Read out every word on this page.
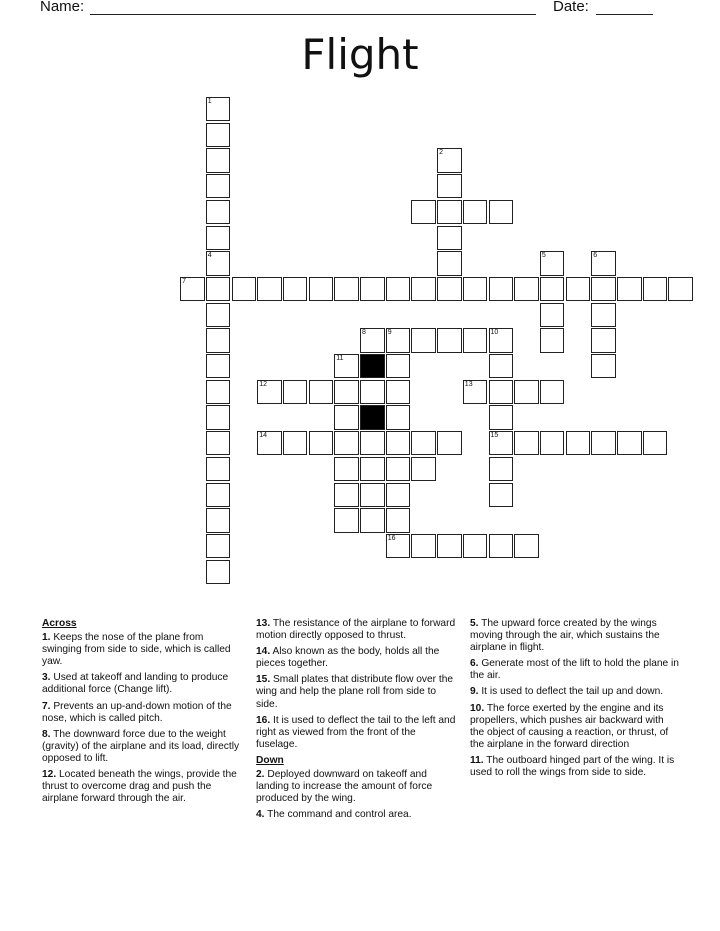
Name:	Date:
Flight
1
4
2
7
5	6
8	9	10
11
16
15
12	13
14
Across
1. Keeps the nose of the plane from swinging from side to side, which is called yaw.
3. Used at takeoff and landing to produce additional force (Change lift).
7. Prevents an up-and-down motion of the nose, which is called pitch.
8. The downward force due to the weight (gravity) of the airplane and its load, directly opposed to lift.
12. Located beneath the wings, provide the thrust to overcome drag and push the airplane forward through the air.
13. The resistance of the airplane to forward motion directly opposed to thrust.
14. Also known as the body, holds all the pieces together.
15. Small plates that distribute flow over the wing and help the plane roll from side to side.
16. It is used to deflect the tail to the left and right as viewed from the front of the fuselage.
Down
2. Deployed downward on takeoff and landing to increase the amount of force produced by the wing.
4. The command and control area.
5. The upward force created by the wings moving through the air, which sustains the airplane in flight.
6. Generate most of the lift to hold the plane in the air.
9. It is used to deflect the tail up and down.
10. The force exerted by the engine and its propellers, which pushes air backward with the object of causing a reaction, or thrust, of the airplane in the forward direction
11. The outboard hinged part of the wing. It is used to roll the wings from side to side.
